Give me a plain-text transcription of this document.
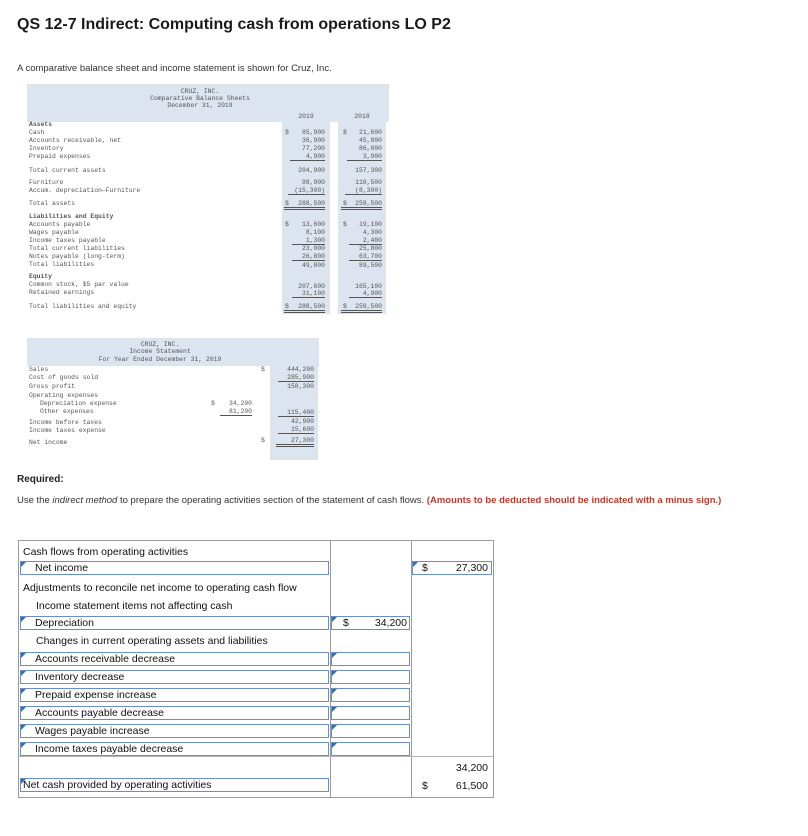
QS 12-7 Indirect: Computing cash from operations LO P2
A comparative balance sheet and income statement is shown for Cruz, Inc.
CRUZ, INC.
Comparative Balance Sheets
December 31, 2019
2019	2018
Assets
Cash	$	85,900	$	21,600
Accounts receivable, net	36,900	45,800
Inventory	77,200	86,000
Prepaid expenses	4,900	3,900
Total current assets	204,900	157,300
Furniture	98,900	110,500
Accum. depreciation—Furniture	(15,300)	(8,300)
Total assets	$	288,500	$	259,500
Liabilities and Equity
Accounts payable	$	13,600	$	19,100
Wages payable	8,100	4,300
Income taxes payable	1,300	2,400
Total current liabilities	23,000	25,800
Notes payable (long-term)	26,800	63,700
Total liabilities	49,800	89,500
Equity
Common stock, $5 par value	207,600	165,100
Retained earnings	31,100	4,900
Total liabilities and equity	$	288,500	$	259,500
CRUZ, INC.
Income Statement
For Year Ended December 31, 2019
Sales	$	444,200
Cost of goods sold	285,900
Gross profit	158,300
Operating expenses
Depreciation expense	$	34,200
Other expenses	81,200	115,400
Income before taxes	42,900
Income taxes expense	15,600
Net income	$	27,300
Required:
Use the indirect method to prepare the operating activities section of the statement of cash flows. (Amounts to be deducted should be indicated with a minus sign.)
Cash flows from operating activities
Net income	$	27,300
Adjustments to reconcile net income to operating cash flow
Income statement items not affecting cash
Depreciation	$	34,200
Changes in current operating assets and liabilities
Accounts receivable decrease
Inventory decrease
Prepaid expense increase
Accounts payable decrease
Wages payable increase
Income taxes payable decrease
34,200
Net cash provided by operating activities	$	61,500
